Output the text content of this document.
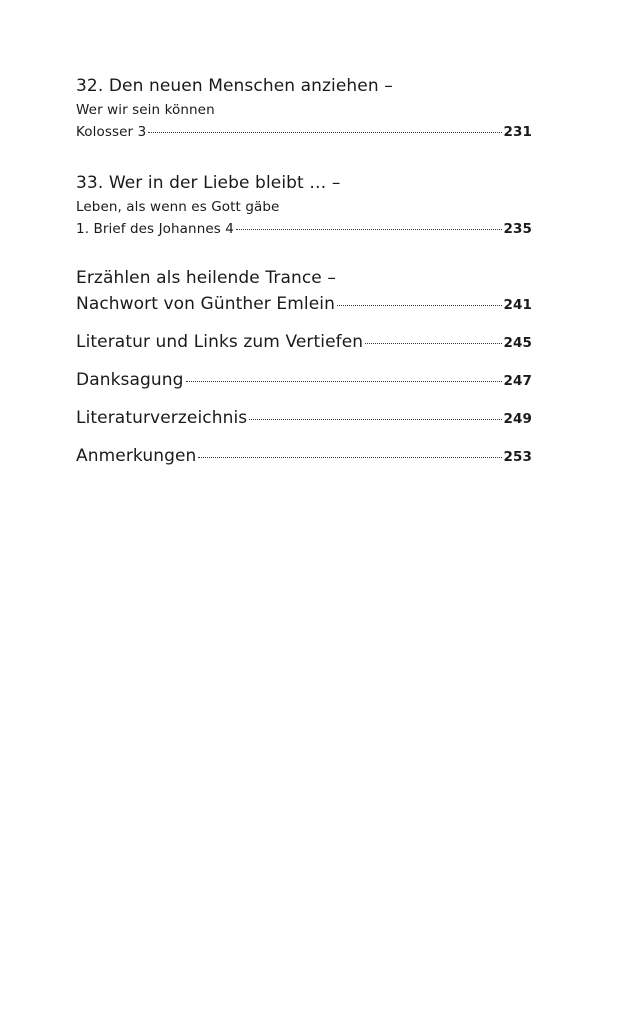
32. Den neuen Menschen anziehen –
Wer wir sein können
Kolosser 3	231
33. Wer in der Liebe bleibt … –
Leben, als wenn es Gott gäbe
1. Brief des Johannes 4	235
Erzählen als heilende Trance –
Nachwort von Günther Emlein	241
Literatur und Links zum Vertiefen	245
Danksagung	247
Literaturverzeichnis	249
Anmerkungen	253
